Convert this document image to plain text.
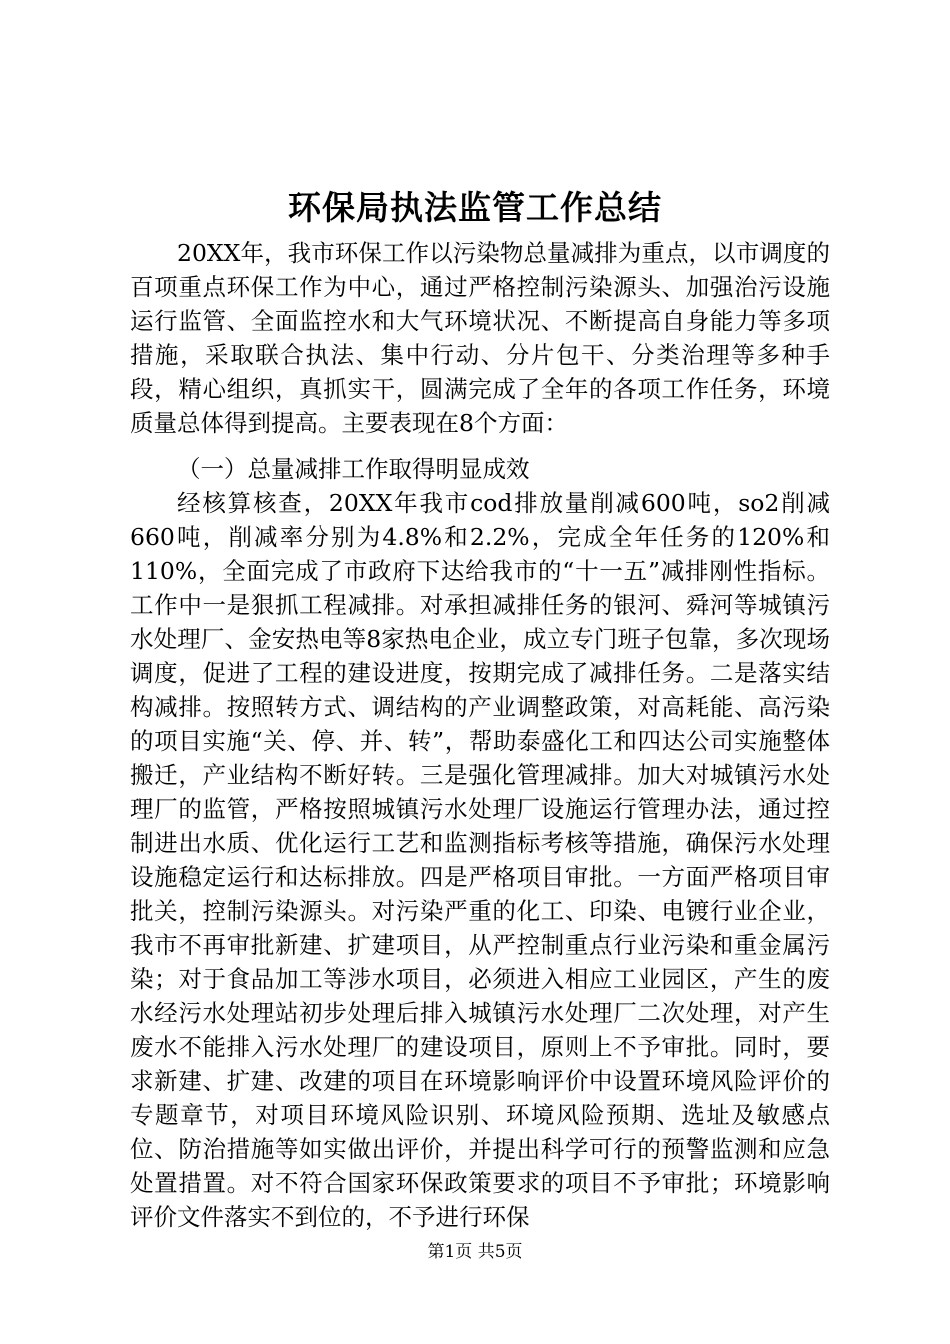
环保局执法监管工作总结

20XX年，我市环保工作以污染物总量减排为重点，以市调度的百项重点环保工作为中心，通过严格控制污染源头、加强治污设施运行监管、全面监控水和大气环境状况、不断提高自身能力等多项措施，采取联合执法、集中行动、分片包干、分类治理等多种手段，精心组织，真抓实干，圆满完成了全年的各项工作任务，环境质量总体得到提高。主要表现在8个方面：

（一）总量减排工作取得明显成效

经核算核查，20XX年我市cod排放量削减600吨，so2削减660吨，削减率分别为4.8%和2.2%，完成全年任务的120%和110%，全面完成了市政府下达给我市的“十一五”减排刚性指标。工作中一是狠抓工程减排。对承担减排任务的银河、舜河等城镇污水处理厂、金安热电等8家热电企业，成立专门班子包靠，多次现场调度，促进了工程的建设进度，按期完成了减排任务。二是落实结构减排。按照转方式、调结构的产业调整政策，对高耗能、高污染的项目实施“关、停、并、转”，帮助泰盛化工和四达公司实施整体搬迁，产业结构不断好转。三是强化管理减排。加大对城镇污水处理厂的监管，严格按照城镇污水处理厂设施运行管理办法，通过控制进出水质、优化运行工艺和监测指标考核等措施，确保污水处理设施稳定运行和达标排放。四是严格项目审批。一方面严格项目审批关，控制污染源头。对污染严重的化工、印染、电镀行业企业，我市不再审批新建、扩建项目，从严控制重点行业污染和重金属污染；对于食品加工等涉水项目，必须进入相应工业园区，产生的废水经污水处理站初步处理后排入城镇污水处理厂二次处理，对产生废水不能排入污水处理厂的建设项目，原则上不予审批。同时，要求新建、扩建、改建的项目在环境影响评价中设置环境风险评价的专题章节，对项目环境风险识别、环境风险预期、选址及敏感点位、防治措施等如实做出评价，并提出科学可行的预警监测和应急处置措置。对不符合国家环保政策要求的项目不予审批；环境影响评价文件落实不到位的，不予进行环保

第1页 共5页
